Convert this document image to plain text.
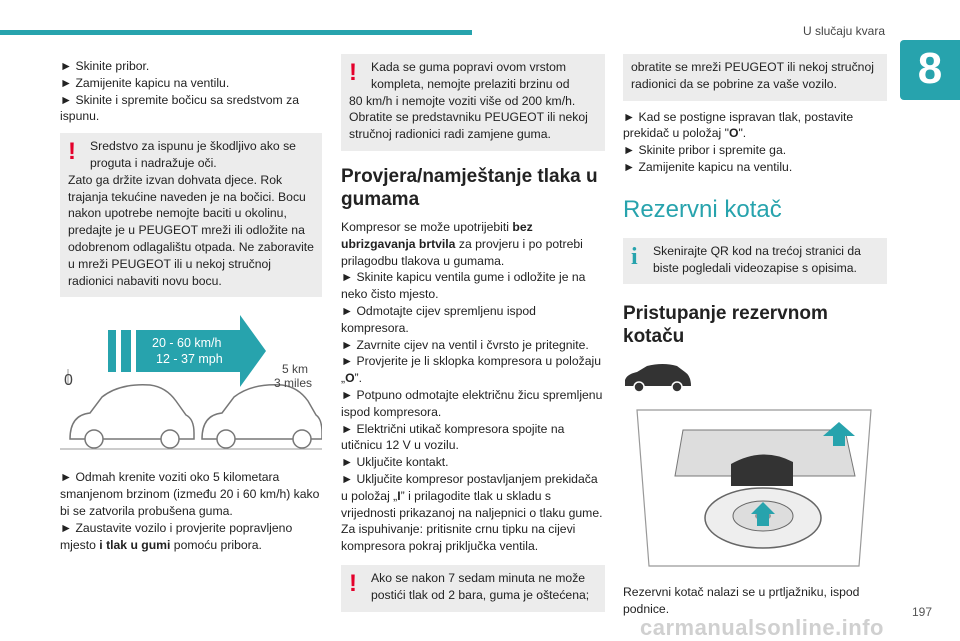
U slučaju kvara
8

► Skinite pribor.

► Zamijenite kapicu na ventilu.

► Skinite i spremite bočicu sa sredstvom za ispunu.

!	Sredstvo za ispunu je škodljivo ako se proguta i nadražuje oči.
Zato ga držite izvan dohvata djece. Rok trajanja tekućine naveden je na bočici. Bocu nakon upotrebe nemojte baciti u okolinu, predajte je u PEUGEOT mreži ili odložite na odobrenom odlagalištu otpada. Ne zaboravite u mreži PEUGEOT ili u nekoj stručnoj radionici nabaviti novu bocu.
20 - 60 km/h
12 - 37 mph
0
5 km
3 miles

► Odmah krenite voziti oko 5 kilometara smanjenom brzinom (između 20 i 60 km/h) kako bi se zatvorila probušena guma.

► Zaustavite vozilo i provjerite popravljeno mjesto i tlak u gumi pomoću pribora.

!	Kada se guma popravi ovom vrstom kompleta, nemojte prelaziti brzinu od
80 km/h i nemojte voziti više od 200 km/h. Obratite se predstavniku PEUGEOT ili nekoj stručnoj radionici radi zamjene guma.
Provjera/namještanje tlaka u gumama

Kompresor se može upotrijebiti bez ubrizgavanja brtvila za provjeru i po potrebi prilagodbu tlakova u gumama.

► Skinite kapicu ventila gume i odložite je na neko čisto mjesto.

► Odmotajte cijev spremljenu ispod kompresora.

► Zavrnite cijev na ventil i čvrsto je pritegnite.

► Provjerite je li sklopka kompresora u položaju „O”.

► Potpuno odmotajte električnu žicu spremljenu ispod kompresora.

► Električni utikač kompresora spojite na utičnicu 12 V u vozilu.

► Uključite kontakt.

► Uključite kompresor postavljanjem prekidača u položaj „I” i prilagodite tlak u skladu s vrijednosti prikazanoj na naljepnici o tlaku gume. Za ispuhivanje: pritisnite crnu tipku na cijevi kompresora pokraj priključka ventila.

!	Ako se nakon 7 sedam minuta ne može postići tlak od 2 bara, guma je oštećena;
obratite se mreži PEUGEOT ili nekoj stručnoj radionici da se pobrine za vaše vozilo.

► Kad se postigne ispravan tlak, postavite prekidač u položaj "O".

► Skinite pribor i spremite ga.

► Zamijenite kapicu na ventilu.

Rezervni kotač
i	Skenirajte QR kod na trećoj stranici da biste pogledali videozapise s opisima.
Pristupanje rezervnom kotaču

Rezervni kotač nalazi se u prtljažniku, ispod podnice.	197
carmanualsonline.info
